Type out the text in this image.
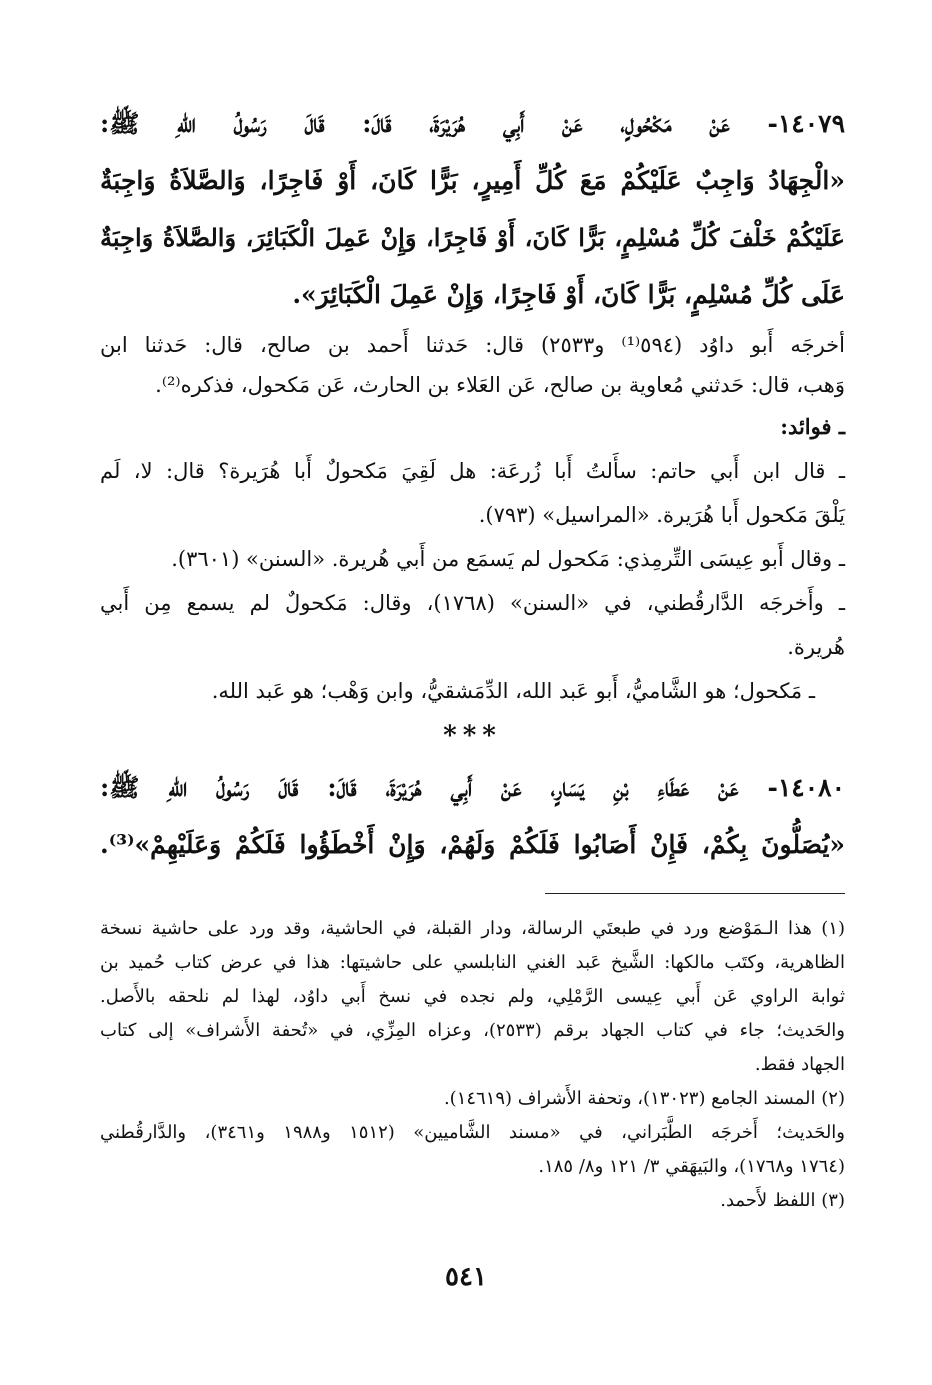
١٤٠٧٩- عَنْ مَكْحُولٍ، عَنْ أَبِي هُرَيْرَةَ، قَالَ: قَالَ رَسُولُ اللهِ ﷺ:
«الْجِهَادُ وَاجِبٌ عَلَيْكُمْ مَعَ كُلِّ أَمِيرٍ، بَرًّا كَانَ، أَوْ فَاجِرًا، وَالصَّلاَةُ وَاجِبَةٌ
عَلَيْكُمْ خَلْفَ كُلِّ مُسْلِمٍ، بَرًّا كَانَ، أَوْ فَاجِرًا، وَإِنْ عَمِلَ الْكَبَائِرَ، وَالصَّلاَةُ وَاجِبَةٌ
عَلَى كُلِّ مُسْلِمٍ، بَرًّا كَانَ، أَوْ فَاجِرًا، وَإِنْ عَمِلَ الْكَبَائِرَ».
أخرجَه أَبو داوُد (٥٩٤⁽¹⁾ و٢٥٣٣) قال: حَدثنا أَحمد بن صالح، قال: حَدثنا ابن
وَهب، قال: حَدثني مُعاوية بن صالح، عَن العَلاء بن الحارث، عَن مَكحول، فذكره⁽²⁾.
ـ فوائد:
ـ قال ابن أَبي حاتم: سأَلتُ أَبا زُرعَة: هل لَقِيَ مَكحولٌ أَبا هُرَيرة؟ قال: لا، لَم
يَلْقَ مَكحول أَبا هُرَيرة. «المراسيل» (٧٩٣).
ـ وقال أَبو عِيسَى التِّرمِذي: مَكحول لم يَسمَع من أَبي هُريرة. «السنن» (٣٦٠١).
ـ وأَخرجَه الدَّارقُطني، في «السنن» (١٧٦٨)، وقال: مَكحولٌ لم يسمع مِن أَبي
هُريرة.
ـ مَكحول؛ هو الشَّاميُّ، أَبو عَبد الله، الدِّمَشقيُّ، وابن وَهْب؛ هو عَبد الله.
***
١٤٠٨٠- عَنْ عَطَاءِ بْنِ يَسَارٍ، عَنْ أَبِي هُرَيْرَةَ، قَالَ: قَالَ رَسُولُ اللهِ ﷺ:
«يُصَلُّونَ بِكُمْ، فَإِنْ أَصَابُوا فَلَكُمْ وَلَهُمْ، وَإِنْ أَخْطَؤُوا فَلَكُمْ وَعَلَيْهِمْ»⁽³⁾.
(١) هذا الـمَوْضع ورد في طبعتَي الرسالة، ودار القبلة، في الحاشية، وقد ورد على حاشية نسخة
الظاهرية، وكتَب مالكها: الشَّيخ عَبد الغني النابلسي على حاشيتها: هذا في عرض كتاب حُميد بن
ثوابة الراوي عَن أَبي عِيسى الرَّمْلِي، ولم نجده في نسخ أَبي داوُد، لهذا لم نلحقه بالأَصل.
والحَديث؛ جاء في كتاب الجهاد برقم (٢٥٣٣)، وعزاه المِزِّي، في «تُحفة الأَشراف» إلى كتاب
الجهاد فقط.
(٢) المسند الجامع (١٣٠٢٣)، وتحفة الأَشراف (١٤٦١٩).
والحَديث؛ أَخرجَه الطَّبَراني، في «مسند الشَّاميين» (١٥١٢ و١٩٨٨ و٣٤٦١)، والدَّارقُطني
(١٧٦٤ و١٧٦٨)، والبَيهَقي ٣/ ١٢١ و٨/ ١٨٥.
(٣) اللفظ لأَحمد.
٥٤١
